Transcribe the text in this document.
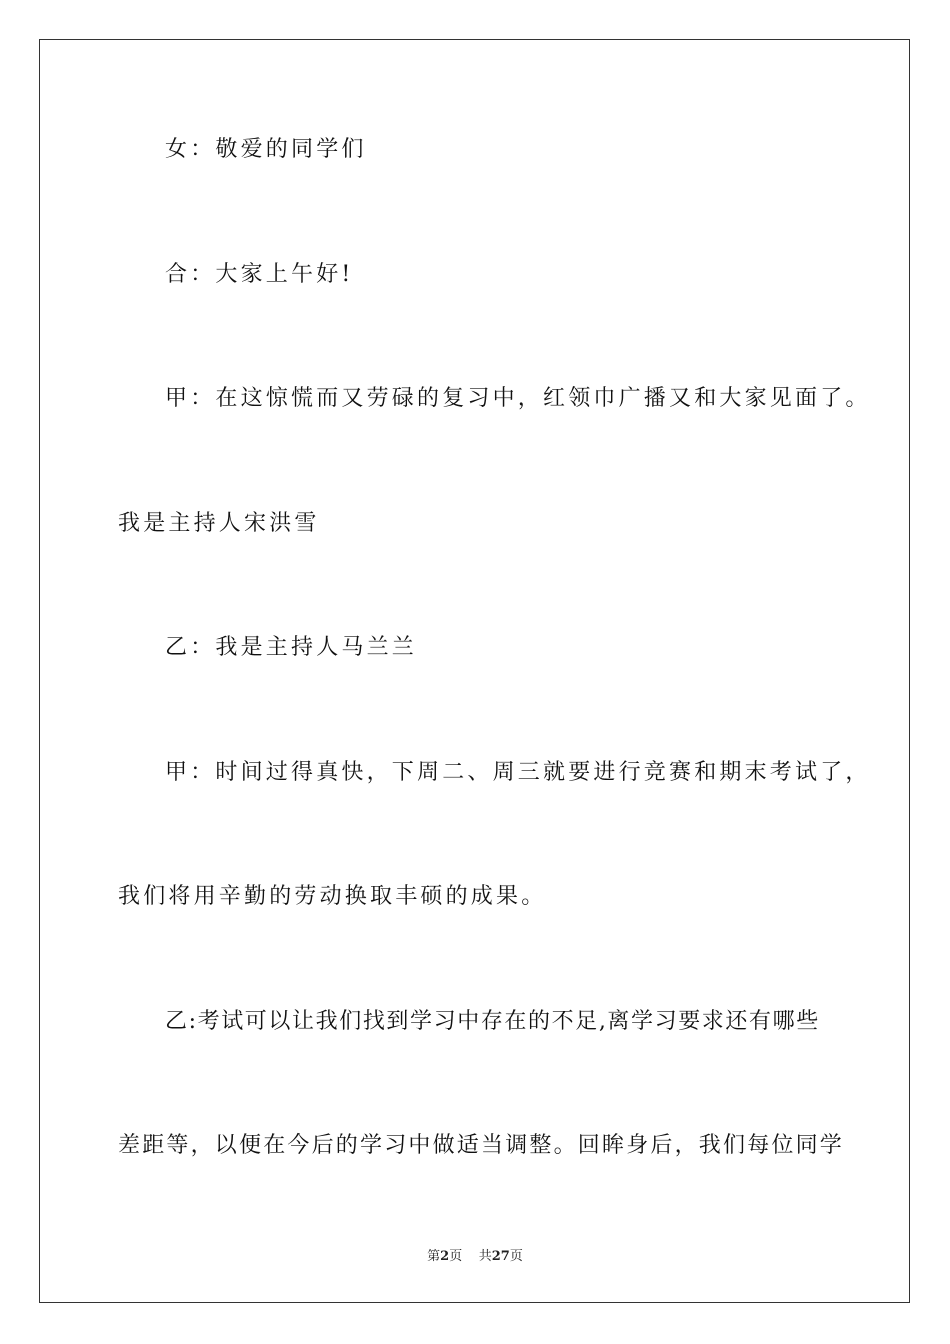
女：敬爱的同学们
合：大家上午好!
甲：在这惊慌而又劳碌的复习中，红领巾广播又和大家见面了。
我是主持人宋洪雪
乙：我是主持人马兰兰
甲：时间过得真快，下周二、周三就要进行竞赛和期末考试了，
我们将用辛勤的劳动换取丰硕的成果。
乙:考试可以让我们找到学习中存在的不足,离学习要求还有哪些
差距等，以便在今后的学习中做适当调整。回眸身后，我们每位同学
第2页 共27页
